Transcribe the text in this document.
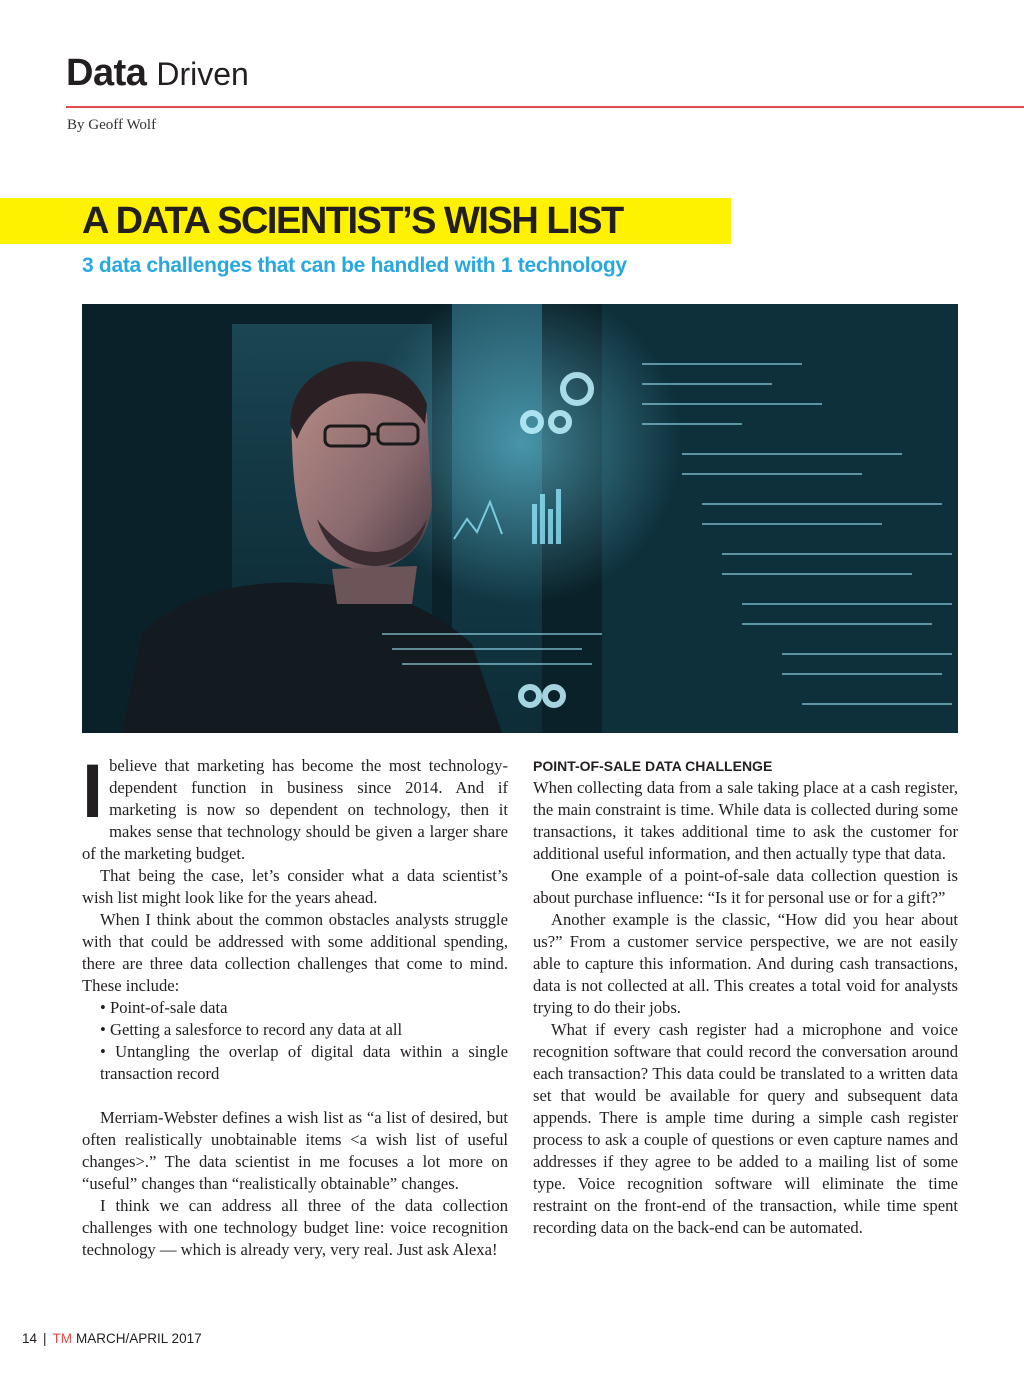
Data Driven
By Geoff Wolf
A DATA SCIENTIST’S WISH LIST
3 data challenges that can be handled with 1 technology

Ibelieve that marketing has become the most technology-dependent function in business since 2014. And if marketing is now so dependent on technology, then it makes sense that technology should be given a larger share of the marketing budget.

That being the case, let’s consider what a data scientist’s wish list might look like for the years ahead.

When I think about the common obstacles analysts struggle with that could be addressed with some additional spending, there are three data collection challenges that come to mind. These include:

• Point-of-sale data
• Getting a salesforce to record any data at all
• Untangling the overlap of digital data within a single transaction record

Merriam-Webster defines a wish list as “a list of desired, but often realistically unobtainable items <a wish list of useful changes>.” The data scientist in me focuses a lot more on “useful” changes than “realistically obtainable” changes.

I think we can address all three of the data collection challenges with one technology budget line: voice recognition technology — which is already very, very real. Just ask Alexa!

POINT-OF-SALE DATA CHALLENGE

When collecting data from a sale taking place at a cash register, the main constraint is time. While data is collected during some transactions, it takes additional time to ask the customer for additional useful information, and then actually type that data.

One example of a point-of-sale data collection question is about purchase influence: “Is it for personal use or for a gift?”

Another example is the classic, “How did you hear about us?” From a customer service perspective, we are not easily able to capture this information. And during cash transactions, data is not collected at all. This creates a total void for analysts trying to do their jobs.

What if every cash register had a microphone and voice recognition software that could record the conversation around each transaction? This data could be translated to a written data set that would be available for query and subsequent data appends. There is ample time during a simple cash register process to ask a couple of questions or even capture names and addresses if they agree to be added to a mailing list of some type. Voice recognition software will eliminate the time restraint on the front-end of the transaction, while time spent recording data on the back-end can be automated.

14 | TM MARCH/APRIL 2017
